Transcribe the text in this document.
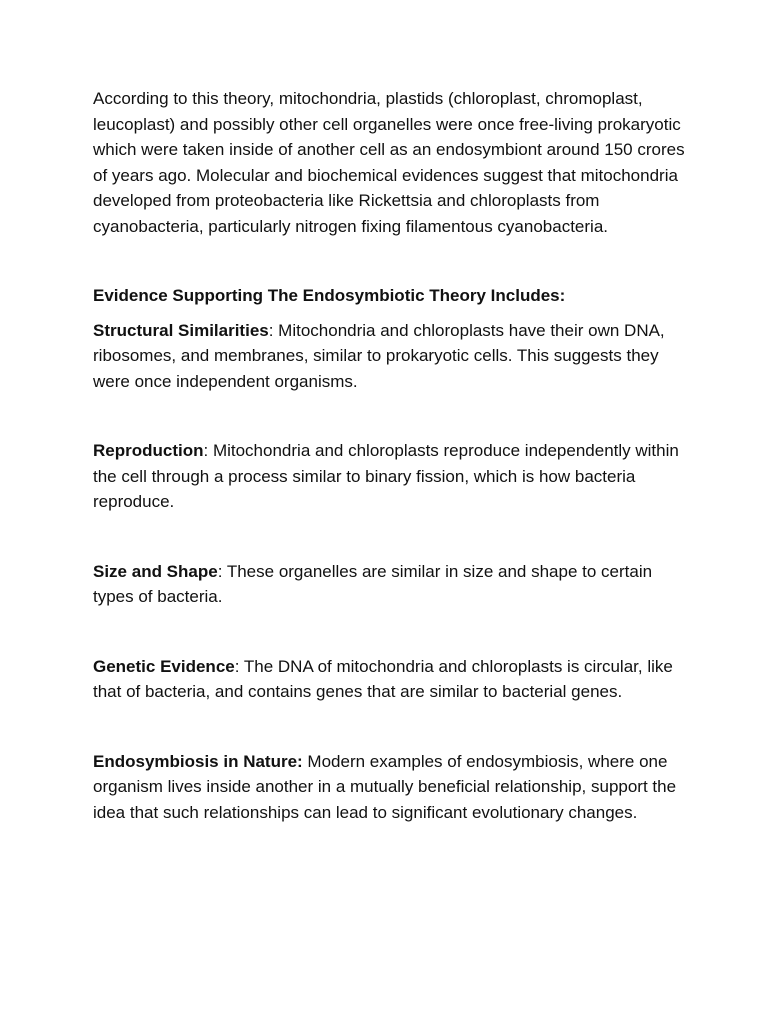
According to this theory, mitochondria, plastids (chloroplast, chromoplast, leucoplast) and possibly other cell organelles were once free-living prokaryotic which were taken inside of another cell as an endosymbiont around 150 crores of years ago. Molecular and biochemical evidences suggest that mitochondria developed from proteobacteria like Rickettsia and chloroplasts from cyanobacteria, particularly nitrogen fixing filamentous cyanobacteria.

Evidence Supporting The Endosymbiotic Theory Includes:

Structural Similarities: Mitochondria and chloroplasts have their own DNA, ribosomes, and membranes, similar to prokaryotic cells. This suggests they were once independent organisms.

Reproduction: Mitochondria and chloroplasts reproduce independently within the cell through a process similar to binary fission, which is how bacteria reproduce.

Size and Shape: These organelles are similar in size and shape to certain types of bacteria.

Genetic Evidence: The DNA of mitochondria and chloroplasts is circular, like that of bacteria, and contains genes that are similar to bacterial genes.

Endosymbiosis in Nature: Modern examples of endosymbiosis, where one organism lives inside another in a mutually beneficial relationship, support the idea that such relationships can lead to significant evolutionary changes.
